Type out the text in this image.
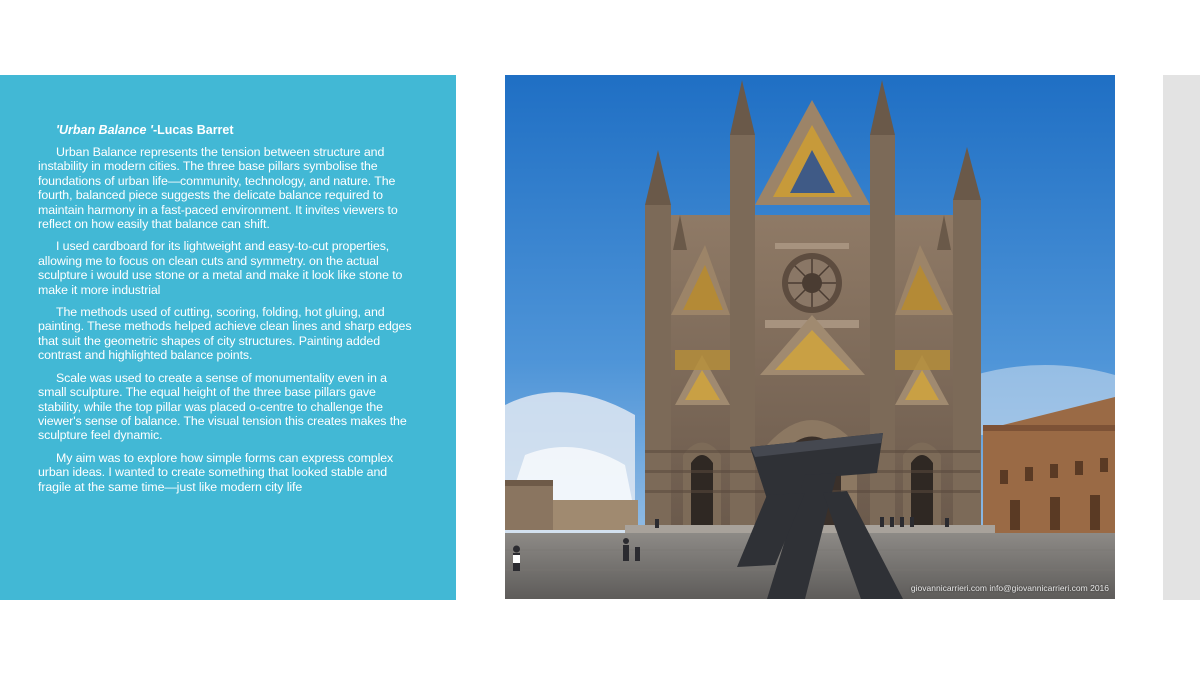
'Urban Balance '-Lucas Barret

Urban Balance represents the tension between structure and instability in modern cities. The three base pillars symbolise the foundations of urban life—community, technology, and nature. The fourth, balanced piece suggests the delicate balance required to maintain harmony in a fast-paced environment. It invites viewers to reflect on how easily that balance can shift.

I used cardboard for its lightweight and easy-to-cut properties, allowing me to focus on clean cuts and symmetry. on the actual sculpture i would use stone or a metal and make it look like stone to make it more industrial

The methods used of cutting, scoring, folding, hot gluing, and painting. These methods helped achieve clean lines and sharp edges that suit the geometric shapes of city structures. Painting added contrast and highlighted balance points.

Scale was used to create a sense of monumentality even in a small sculpture. The equal height of the three base pillars gave stability, while the top pillar was placed o-centre to challenge the viewer's sense of balance. The visual tension this creates makes the sculpture feel dynamic.

My aim was to explore how simple forms can express complex urban ideas. I wanted to create something that looked stable and fragile at the same time—just like modern city life

giovannicarrieri.com info@giovannicarrieri.com 2016
